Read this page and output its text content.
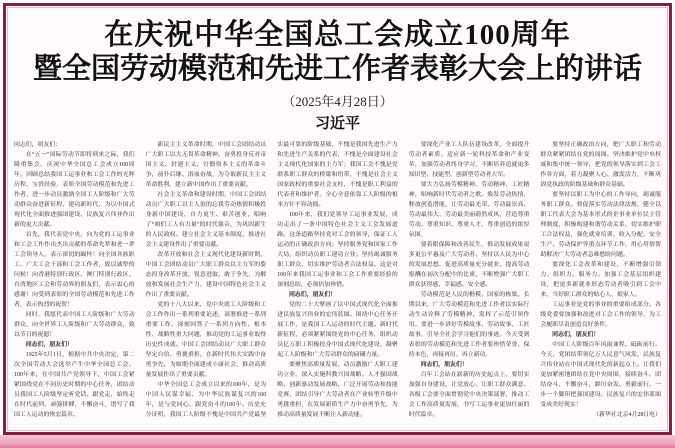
在庆祝中华全国总工会成立100周年
暨全国劳动模范和先进工作者表彰大会上的讲话
（2025年4月28日）
习近平

同志们，朋友们：

在“五一”国际劳动节即将到来之际，我们隆重集会，庆祝中华全国总工会成立100周年，回顾总结我国工运事业和工会工作的光辉历程、宝贵经验，表彰全国劳动模范和先进工作者，进一步动员激励全国工人阶级和广大劳动群众奋进新征程、建功新时代，为以中国式现代化全面推进强国建设、民族复兴伟业作出新的更大贡献。

首先，我代表党中央，向为党的工运事业和工会工作作出杰出贡献的革命先辈和老一辈工会领导人，表示深切的缅怀！向全国各族职工、广大工会干部和工会工作者，致以诚挚的问候！向香港特别行政区、澳门特别行政区、台湾地区工会和劳动界的朋友们，表示衷心的感谢！向受到表彰的全国劳动模范和先进工作者，表示热烈的祝贺！

同时，我愿代表中国工人阶级和广大劳动群众，向全世界工人阶级和广大劳动群众，致以节日的祝愿！

同志们，朋友们！

1925年5月1日，根据中共中央决定，第二次全国劳动大会选举产生中华全国总工会。100年来，在中国共产党领导下，中国工会紧紧围绕党在不同历史时期的中心任务，团结动员我国工人阶级坚定听党话、跟党走，始终走在时代前列，顽强拼搏、不懈奋斗，谱写了我国工人运动的恢宏篇章。

新民主主义革命时期，中国工会团结动员广大职工以大无畏革命精神，奋勇投身反对帝国主义、封建主义、官僚资本主义的革命斗争，前仆后继、浴血奋战，为夺取新民主主义革命胜利、建立新中国作出了重要贡献。

社会主义革命和建设时期，中国工会团结动员广大职工以主人翁的忘我劳动热情积极投身新中国建设，自力更生、艰苦创业，唱响了“咱们工人有力量”的时代强音，为巩固新生的人民政权、建立社会主义基本制度、推进社会主义建设作出了重要贡献。

改革开放和社会主义现代化建设新时期，中国工会团结动员广大职工群众以主力军的姿态投身改革开放，锐意进取、敢于争先，为解放和发展社会生产力、建设中国特色社会主义作出了重要贡献。

党的十八大以来，党中央就工人阶级和工会工作作出一系列重要论述，部署推进一系列重要工作，深刻回答了一系列方向性、根本性、战略性重大问题，推动党的工运事业取得历史性成就。中国工会团结动员广大职工群众坚定自信、勇挑重担，在新时代伟大实践中奋勇争先，为如期全面建成小康社会、推动高质量发展作出了重要贡献。

中华全国总工会成立以来的100年，是为中国人民谋幸福、为中华民族谋复兴的100年，是与党同心、跟党奋斗的100年。历史充分证明，我国工人阶级不愧是中国共产党最坚实最可靠的阶级基础，不愧是我国先进生产力和先进生产关系的代表，不愧是全面建设社会主义现代化国家的主力军；我国工会不愧是党联系职工群众的桥梁和纽带，不愧是社会主义国家政权的重要社会支柱，不愧是职工利益的代表者和维护者。全心全意依靠工人阶级的根本方针不容动摇。

100年来，我们党领导工运事业发展，成功走出了一条中国特色社会主义工会发展道路。这条道路坚持党对工会的领导，保证工人运动的正确政治方向；坚持服务党和国家工作大局，组织动员职工建功立业；坚持竭诚服务职工群众，切实维护劳动者合法权益。这是对100年来我国工运事业和工会工作重要经验的深刻总结，必须倍加珍惜。

同志们，朋友们！

党的二十大擘画了以中国式现代化全面推进民族复兴伟业的宏伟蓝图。围绕中心任务开展工作，是我国工人运动的时代主题。新时代新征程，必须紧紧围绕党的中心任务，组织动员亿万职工积极投身中国式现代化建设，凝聚起工人阶级和广大劳动群众的磅礴力量。

要聚焦高质量发展，动员激励广大职工建功立业。深入实施科教兴国战略、人才强国战略、创新驱动发展战略，广泛开展劳动和技能竞赛，团结引导广大劳动者在产业转型升级中勇挑重担，在发展新质生产力中奋勇争先，为推动高质量发展不断注入新动能。

要深化产业工人队伍建设改革，全面提升劳动者素质。适应新一轮科技革命和产业变革，加强劳动者终身学习，不断培养造就更多知识型、技能型、创新型劳动者大军。

要大力弘扬劳模精神、劳动精神、工匠精神，唱响新时代劳动者之歌。焕发劳动热情、释放创造潜能，让劳动最光荣、劳动最崇高、劳动最伟大、劳动最美丽蔚然成风，营造尊重劳动、尊重知识、尊重人才、尊重创造的浓厚氛围。

要着眼保障和改善民生，推动发展成果更多更公平惠及广大劳动者。坚持以人民为中心的发展思想，促进高质量充分就业，提高劳动报酬在初次分配中的比重，不断增强广大职工群众获得感、幸福感、安全感。

劳动模范是人民的楷模、国家的栋梁。长期以来，广大劳动模范和先进工作者以实际行动生动诠释了劳模精神，发挥了示范引领作用。要进一步讲好劳模故事、劳动故事、工匠故事，引导全社会学习他们的事迹。今天受到表彰的劳动模范和先进工作者要珍惜荣誉、保持本色，再接再厉、再立新功。

同志们，朋友们！

百年工会站在崭新的历史起点上，要切实加强自身建设，让党放心、让职工群众满意。各级工会要全面贯彻党中央决策部署，推动工会工作高质量发展，书写工运事业更加壮丽的时代篇章。

要坚持正确政治方向，把广大职工和劳动群众紧紧团结在党的周围。坚决维护党中央权威和集中统一领导，把党的领导落实到工会工作各方面，着力凝聚人心、激发活力，不断巩固党执政的阶级基础和群众基础。

要坚持以职工为中心的工作导向，竭诚服务职工群众。督促落实劳动法律法规，健全以职工代表大会为基本形式的企事业单位民主管理制度，积极构建和谐劳动关系，切实维护职工合法权益，强化就业培训、收入分配、安全生产、劳动保护等重点环节工作，用心用情帮助解决广大劳动者急难愁盼问题。

要深化工会改革和建设，不断增强引领力、组织力、服务力。加强工会基层组织建设，把更多新就业形态劳动者吸引到工会中来，当好职工群众的贴心人、娘家人。

工运事业是党的事业的重要组成部分。各级党委要加强和改进对工会工作的领导，为工会履职尽责创造良好条件。

同志们，朋友们！

中国工人阶级百年风雨兼程、砥砺前行。今天，党团结带领亿万人民意气风发，民族复兴伟业站在中国式现代化的新起点上。让我们更加紧密地团结在党中央周围，接续奋斗、团结奋斗、不懈奋斗，踔厉奋发、勇毅前行，一步一个脚印把强国建设、民族复兴的宏伟蓝图变成美好现实！

（新华社北京4月28日电）
